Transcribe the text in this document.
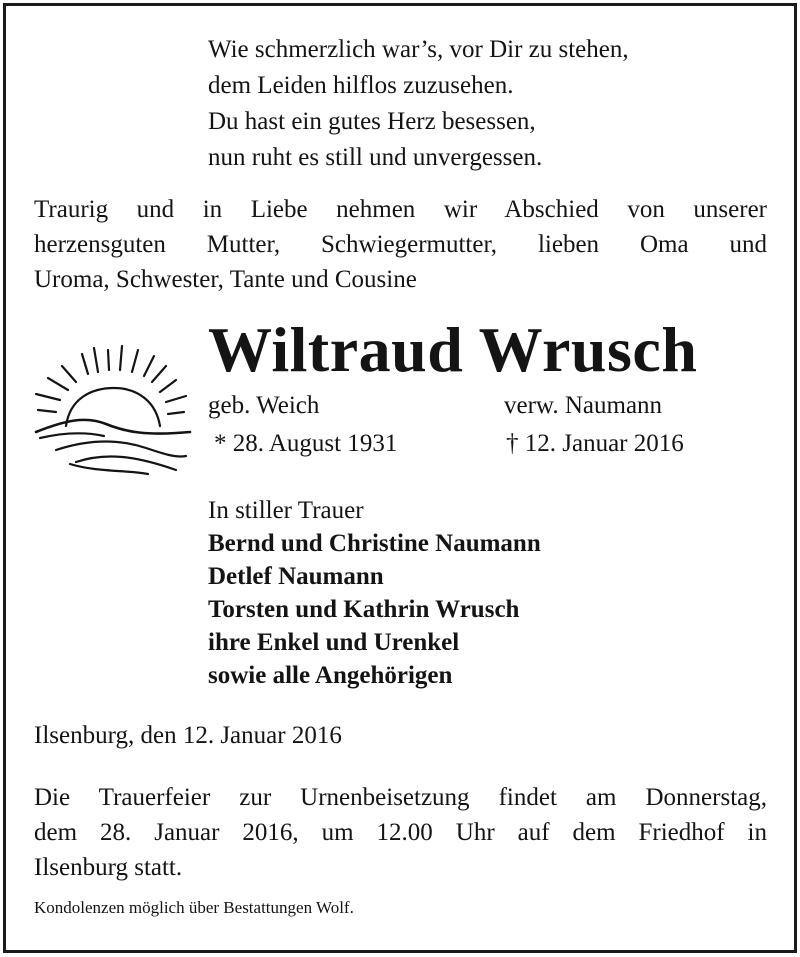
Wie schmerzlich war’s, vor Dir zu stehen,
dem Leiden hilflos zuzusehen.
Du hast ein gutes Herz besessen,
nun ruht es still und unvergessen.
Traurig und in Liebe nehmen wir Abschied von unserer
herzensguten Mutter, Schwiegermutter, lieben Oma und
Uroma, Schwester, Tante und Cousine
Wiltraud Wrusch
geb. Weich	verw. Naumann
* 28. August 1931	† 12. Januar 2016
In stiller Trauer
Bernd und Christine Naumann
Detlef Naumann
Torsten und Kathrin Wrusch
ihre Enkel und Urenkel
sowie alle Angehörigen
Ilsenburg, den 12. Januar 2016
Die Trauerfeier zur Urnenbeisetzung findet am Donnerstag,
dem 28. Januar 2016, um 12.00 Uhr auf dem Friedhof in
Ilsenburg statt.
Kondolenzen möglich über Bestattungen Wolf.
